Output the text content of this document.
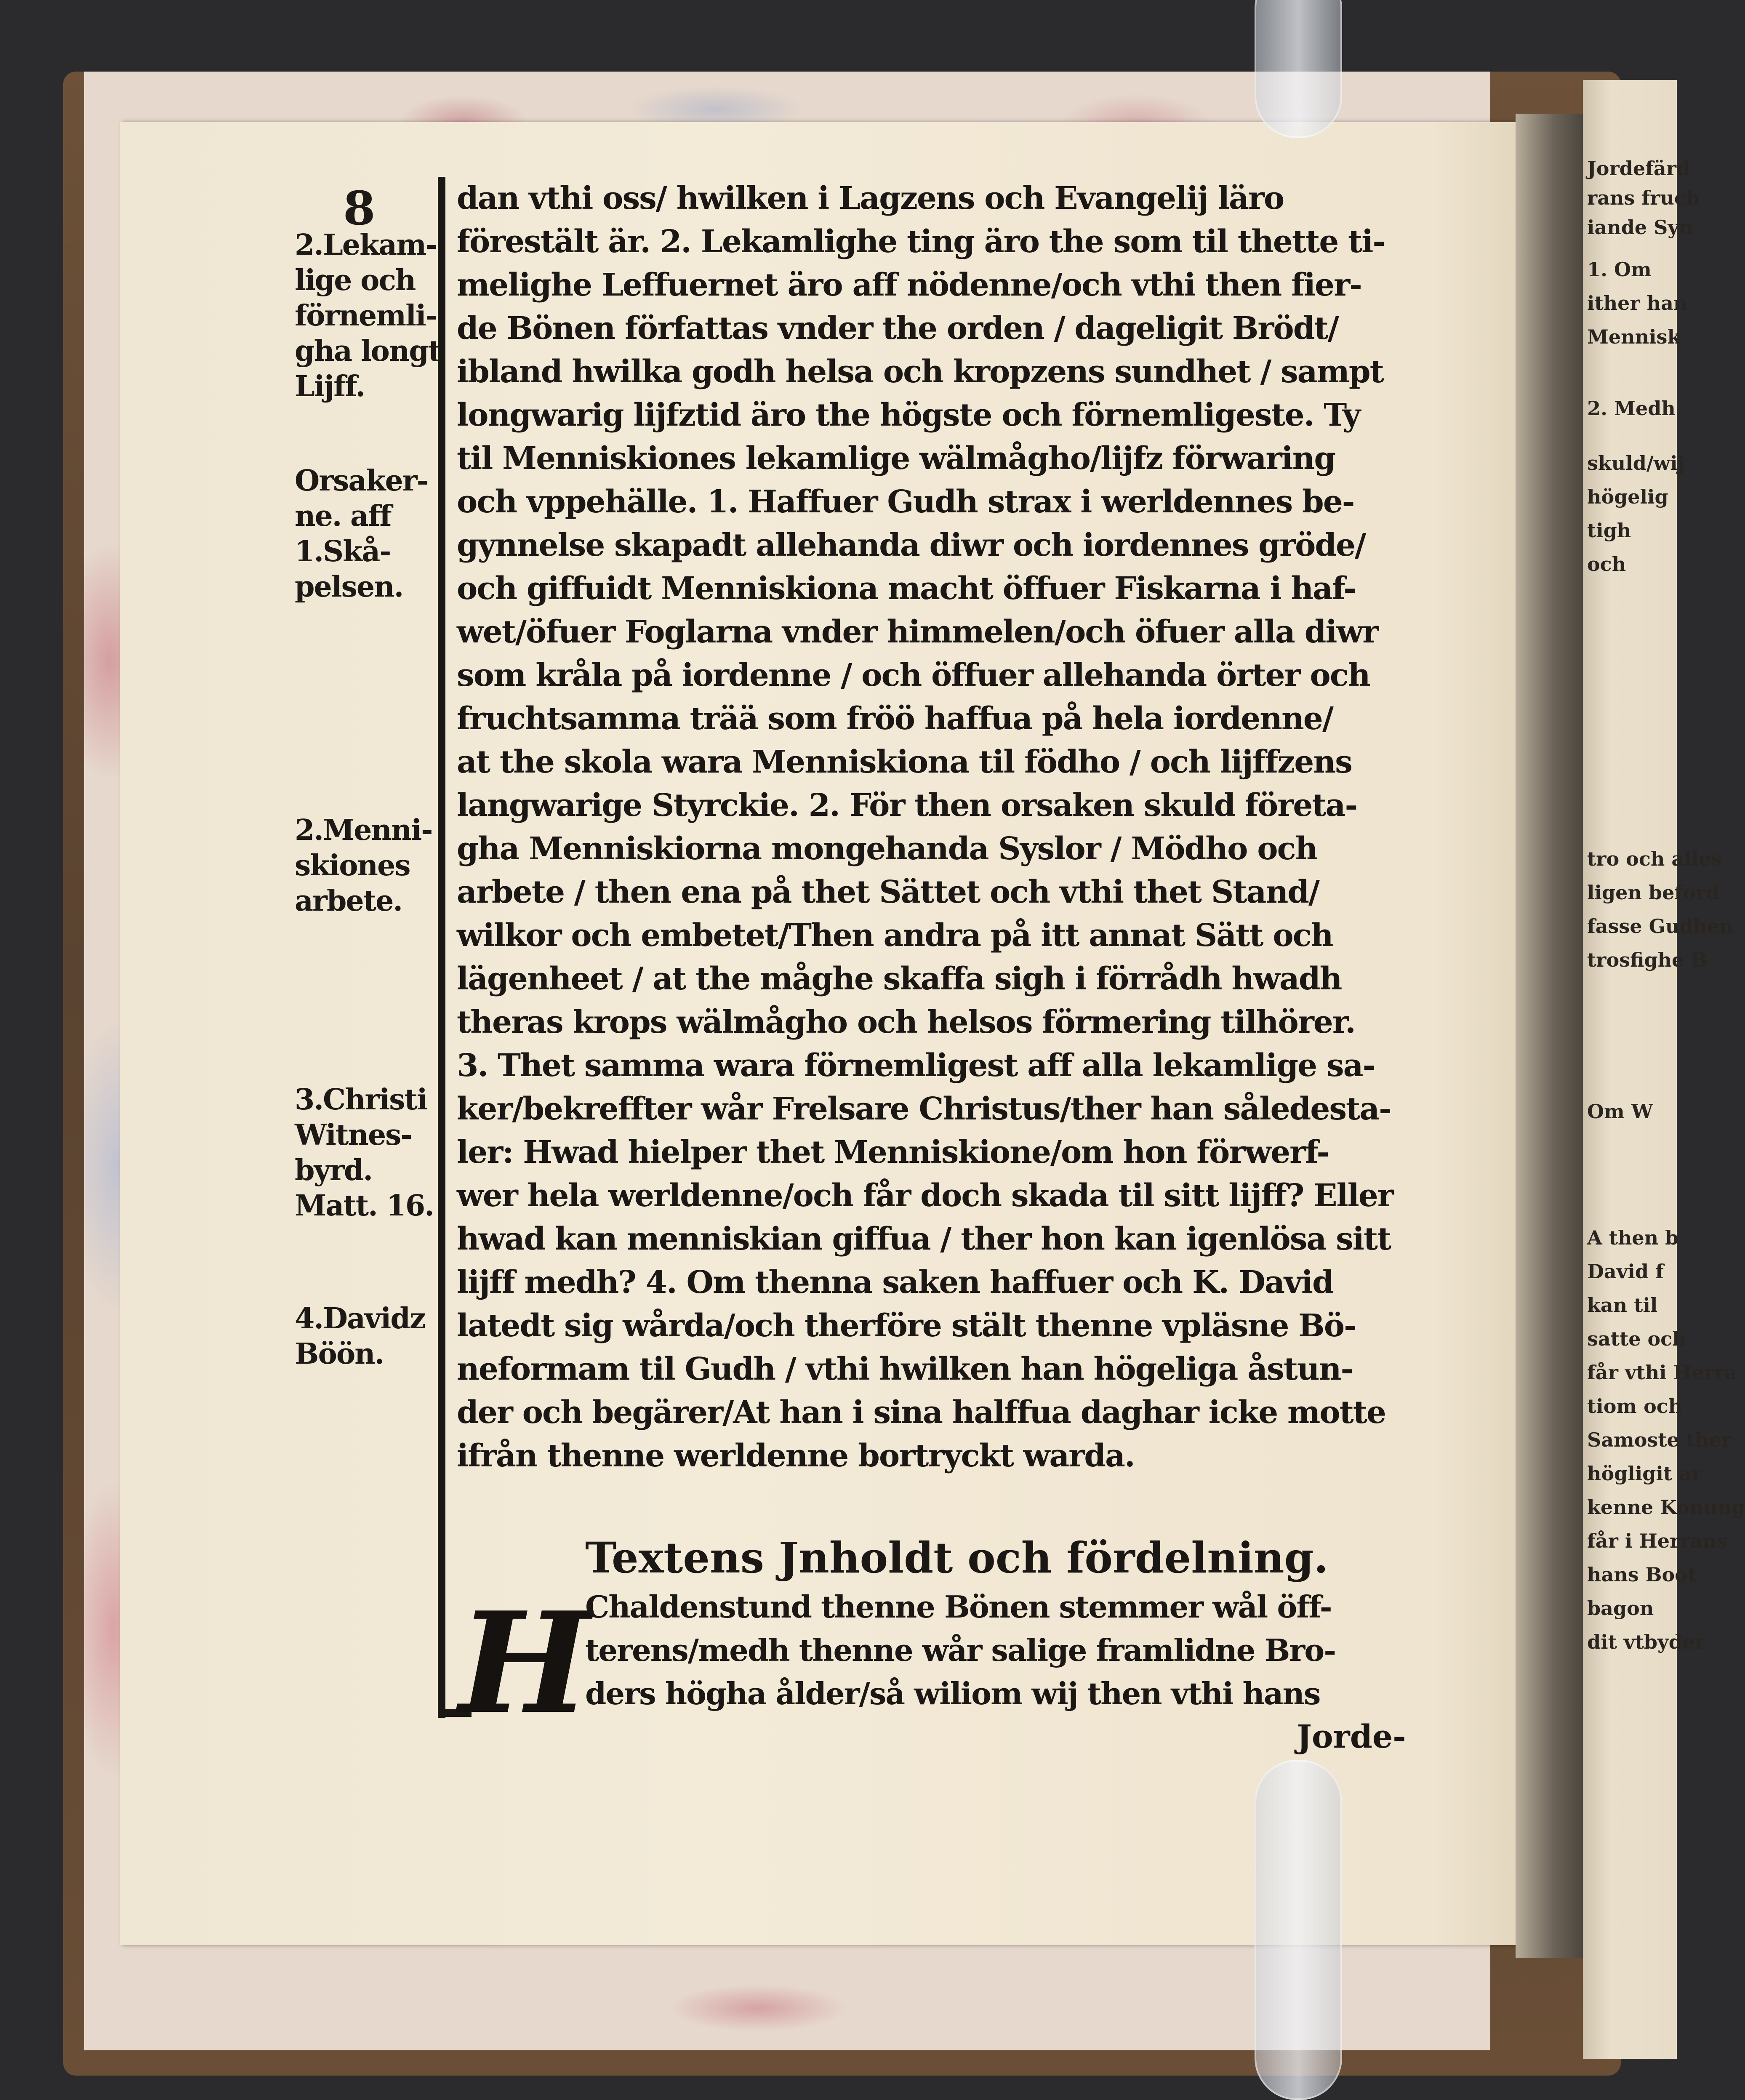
Jordefärd
rans fruch
iande Syn
1. Om
ither han
Mennisk
2. Medh
skuld/wij
högelig
tigh
och
tro och alles
ligen beford
fasse Gudhen
trosfighe B
Om W
A then b
David f
kan til
satte och
får vthi Herra
tiom och
Samoste ther
högligit ar
kenne Konung
får i Herrans
hans Boot
bagon
dit vtbyder
8
2.Lekam-
lige och
förnemli-
gha longt
Lijff.
Orsaker-
ne. aff
1.Skå-
pelsen.
2.Menni-
skiones
arbete.
3.Christi
Witnes-
byrd.
Matt. 16.
4.Davidz
Böön.
dan vthi oss/ hwilken i Lagzens och Evangelij läro
förestält är. 2. Lekamlighe ting äro the som til thette ti-
melighe Leffuernet äro aff nödenne/och vthi then fier-
de Bönen författas vnder the orden / dageligit Brödt/
ibland hwilka godh helsa och kropzens sundhet / sampt
longwarig lijfztid äro the högste och förnemligeste. Ty
til Menniskiones lekamlige wälmågho/lijfz förwaring
och vppehälle. 1. Haffuer Gudh strax i werldennes be-
gynnelse skapadt allehanda diwr och iordennes gröde/
och giffuidt Menniskiona macht öffuer Fiskarna i haf-
wet/öfuer Foglarna vnder himmelen/och öfuer alla diwr
som kråla på iordenne / och öffuer allehanda örter och
fruchtsamma trää som fröö haffua på hela iordenne/
at the skola wara Menniskiona til födho / och lijffzens
langwarige Styrckie. 2. För then orsaken skuld företa-
gha Menniskiorna mongehanda Syslor / Mödho och
arbete / then ena på thet Sättet och vthi thet Stand/
wilkor och embetet/Then andra på itt annat Sätt och
lägenheet / at the måghe skaffa sigh i förrådh hwadh
theras krops wälmågho och helsos förmering tilhörer.
3. Thet samma wara förnemligest aff alla lekamlige sa-
ker/bekreffter wår Frelsare Christus/ther han såledesta-
ler: Hwad hielper thet Menniskione/om hon förwerf-
wer hela werldenne/och får doch skada til sitt lijff? Eller
hwad kan menniskian giffua / ther hon kan igenlösa sitt
lijff medh? 4. Om thenna saken haffuer och K. David
latedt sig wårda/och therföre stält thenne vpläsne Bö-
neformam til Gudh / vthi hwilken han högeliga åstun-
der och begärer/At han i sina halffua daghar icke motte
ifrån thenne werldenne bortryckt warda.
Textens Jnholdt och fördelning.
H
Chaldenstund thenne Bönen stemmer wål öff-
terens/medh thenne wår salige framlidne Bro-
ders högha ålder/så wiliom wij then vthi hans
Jorde-
